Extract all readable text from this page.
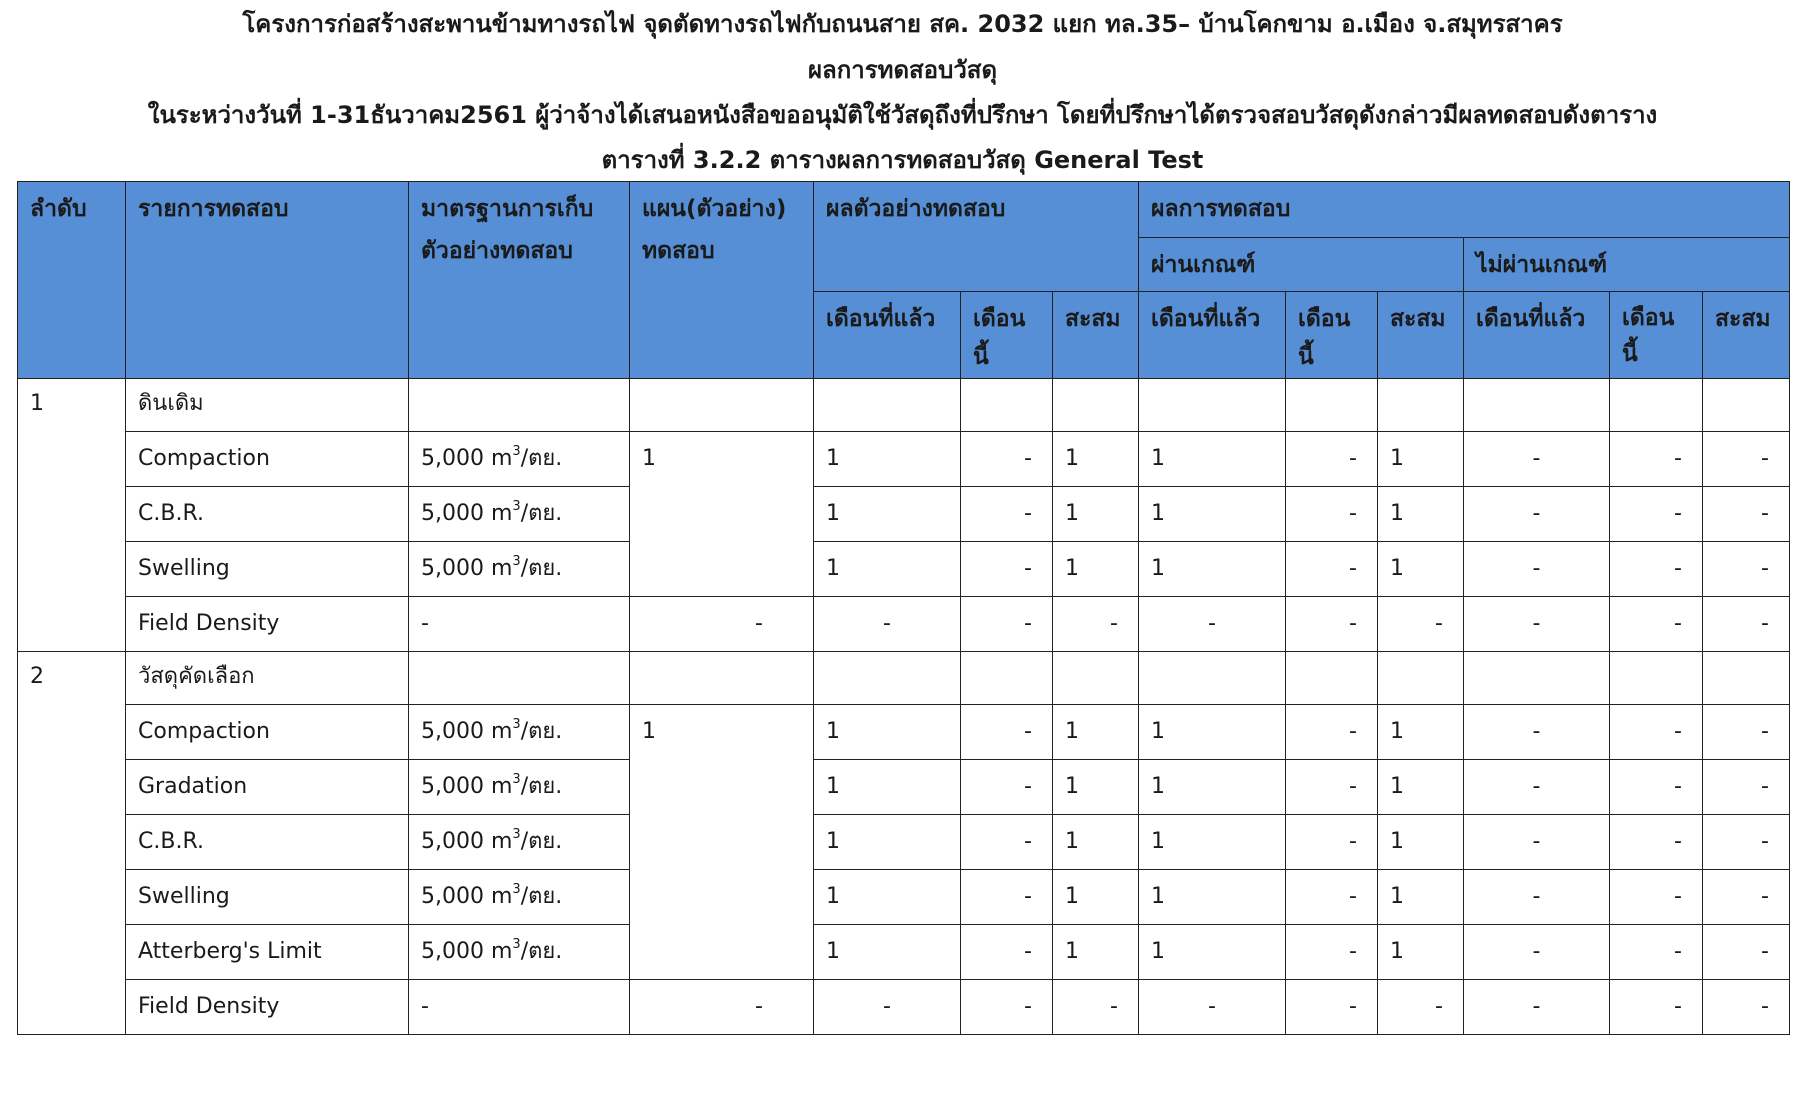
โครงการก่อสร้างสะพานข้ามทางรถไฟ จุดตัดทางรถไฟกับถนนสาย สค. 2032 แยก ทล.35– บ้านโคกขาม อ.เมือง จ.สมุทรสาคร
ผลการทดสอบวัสดุ
ในระหว่างวันที่ 1-31ธันวาคม2561 ผู้ว่าจ้างได้เสนอหนังสือขออนุมัติใช้วัสดุถึงที่ปรึกษา โดยที่ปรึกษาได้ตรวจสอบวัสดุดังกล่าวมีผลทดสอบดังตาราง
ตารางที่ 3.2.2 ตารางผลการทดสอบวัสดุ General Test
ลำดับ	รายการทดสอบ	มาตรฐานการเก็บ
ตัวอย่างทดสอบ	แผน(ตัวอย่าง)
ทดสอบ	ผลตัวอย่างทดสอบ			ผลการทดสอบ					

							ผ่านเกณฑ์			ไม่ผ่านเกณฑ์		

				เดือนที่แล้ว	เดือนนี้	สะสม	เดือนที่แล้ว	เดือนนี้	สะสม	เดือนที่แล้ว	เดือน
นี้	สะสม

1	ดินเดิม											

	Compaction	5,000 $m^3/$ตย.	1	1	-	1	1	-	1	-	-	-

	C.B.R.	5,000 $m^3/$ตย.		1	-	1	1	-	1	-	-	-

	Swelling	5,000 $m^3/$ตย.		1	-	1	1	-	1	-	-	-

	Field Density	-	-	-	-	-	-	-	-	-	-	-

2	วัสดุคัดเลือก											

	Compaction	5,000 $m^3/$ตย.	1	1	-	1	1	-	1	-	-	-

	Gradation	5,000 $m^3/$ตย.		1	-	1	1	-	1	-	-	-

	C.B.R.	5,000 $m^3/$ตย.		1	-	1	1	-	1	-	-	-

	Swelling	5,000 $m^3/$ตย.		1	-	1	1	-	1	-	-	-

	Atterberg's Limit	5,000 $m^3/$ตย.		1	-	1	1	-	1	-	-	-

	Field Density	-	-	-	-	-	-	-	-	-	-	-
